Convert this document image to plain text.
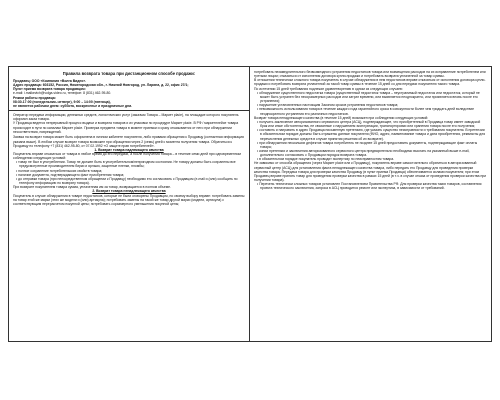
Правила возврата товара при дистанционном способе продажи:

Продавец: ООО «Компания «Волга Видео».

Адрес продавца: 603152, Россия, Нижегородская обл., г. Нижний Новгород, ул. Ларина, д. 22, офис 27/1;

Пункт приема возврата товара продавцом:

e-mail: i.malkevich@volga-video.ru, телефон: 8 (831) 462-95-80.

Режим работы продавца:

08:30-17:00 (понедельник–четверг), 9:00 – 14:00 (пятница),

не является рабочим днем: суббота, воскресенье и праздничные дни.

Оператор передачи информации, денежных средств, логистических услуг (заказчик Товара – Маркет plaće), на площадке которого покупатель оформил заказ товара.

У Продавца ведется непрерывный процесс выдачи и возврата товаров и их упаковки по процедуре Маркет plaće. В РФ / маркетплейсе товара происходит в пути по каналам Маркет plaće. Проверка предмета товара в момент приемки и сразу отказывается от него при обнаружении несоответствия, повреждений.

Заявка на возврат товара может быть оформлена в личном кабинете покупателя, либо правами обращения к Продавцу (контактная информация указана выше). В любом случае возврат товара возможен при обращении через 2 (семь) дней с момента получения товара. Обратиться к Продавцу по телефону +7 (831) 462-95-80, от 07.02.1992 «О защите прав потребителей».

1. Возврат товара надлежащего качества

Покупатель вправе отказаться от товара в любое время до его передачи, а после получения товара – в течение семи дней при одновременном соблюдении следующих условий:

• товар не был в употреблении. Товар не должен быть в употребительном/непригодном состоянии. Не товару должны быть сохранены все предусмотренные производителем бирки и ярлыки, защитные пленки, пломбы;

• полное сохранение потребительских свойств товара;

• наличие документа, подтверждающего факт приобретения товара;

• до отправки товара (при непосредственном обращении к Продавцу) необходимо его согласовать с Продавцом (e-mail и (или) сообщить по телефону информацию по возврату товара).

При возврате покупателем товара сумма, уплаченная им за товар, возвращается в полном объеме.

2. Возврат товара ненадлежащего качества

Покупатель в случае обнаружения в товаре недостатков, которые не были оговорены Продавцом, по своему выбору вправе: потребовать замены на товар этой же марки (этих же модели и (или) артикула); потребовать замены на такой же товар другой марки (модели, артикула) с соответствующим перерасчетом покупной цены; потребовать соразмерного уменьшения покупной цены;

потребовать незамедлительного безвозмездного устранения недостатков товара или возмещения расходов на их исправление потребителем или третьим лицом; отказаться от исполнения договора купли-продажи и потребовать возврата уплаченной за товар суммы.

В отношении технически сложного товара покупатель в случае обнаружения в нем недостатков вправе отказаться от исполнения договора купли-продажи и потребовать возврата уплаченной за такой товар суммы в течение 15 дней со дня передачи покупателю такого товара.

По истечении 15 дней требования подлежат удовлетворению в одном из следующих случаев:

• обнаружение существенного недостатка товара (существенный недостаток товара – неустранимый недостаток или недостаток, который не может быть устранен без несоразмерных расходов или затрат времени, или выявляется неоднократно, или проявляется вновь после его устранения);

• нарушение установленных настоящим Законом сроков устранения недостатков товара;

• невозможность использования товара в течение каждого года гарантийного срока в совокупности более чем тридцать дней вследствие неоднократного устранения его различных недостатков.

Возврат товара ненадлежащего качества (в течение 15 дней) возможен при соблюдении следующих условий:

• получить заключение авторизованного сервисного центра (АСЦ), подтверждающее, что приобретенный в Продавца товар имеет заводской брак или иные обстоятельства, не связанные с нарушением эксплуатации, транспортировки или хранения товара после его получения;

• составить и направить в адрес Продавца письменную претензию, где указать существо неисправности и требования покупателя. В претензии в обязательном порядке должны быть отражены данные покупателя (ФИО, адрес, наименование товара и дата приобретения, реквизиты для перечисления денежных средств в случае принятия решения об их возврате).

• при обнаружении нескольких дефектов товара потребитель не позднее 15 дней предоставить документы, подтверждающие факт оплаты товара;

• копии претензии и заключения авторизованного сервисного центра предварительно необходимо выслать на указанный выше e-mail, дополнительно согласовать с Продавцом порядок возврата товара.

• в обязательном порядке покупатель проводит экспертизу по неисправностям товара.

Не зависимо от способа обращения (через Маркет plaće или к Продавцу), покупатель вправе самостоятельно обратиться в авторизованный сервисный центр (АСЦ) для установления факта ненадлежащего качества товара, либо передать его Продавцу для проведения проверки качества товара. Передача товара для проверки качества Продавцу (в пункт приема Продавца) обеспечивается силами покупателя; при этом Продавец вправе принять товар для проведения проверки качества в рамках 15 дней (в т.ч. в случае отказа от проведения проверки качества при получении товара).

• Перечень технически сложных товаров установлен Постановлением Правительства РФ. Для проверки качества таких товаров, составления проекта технического заключения, запроса в АСЦ проводится ремонт или экспертиза, в зависимости от требований.
